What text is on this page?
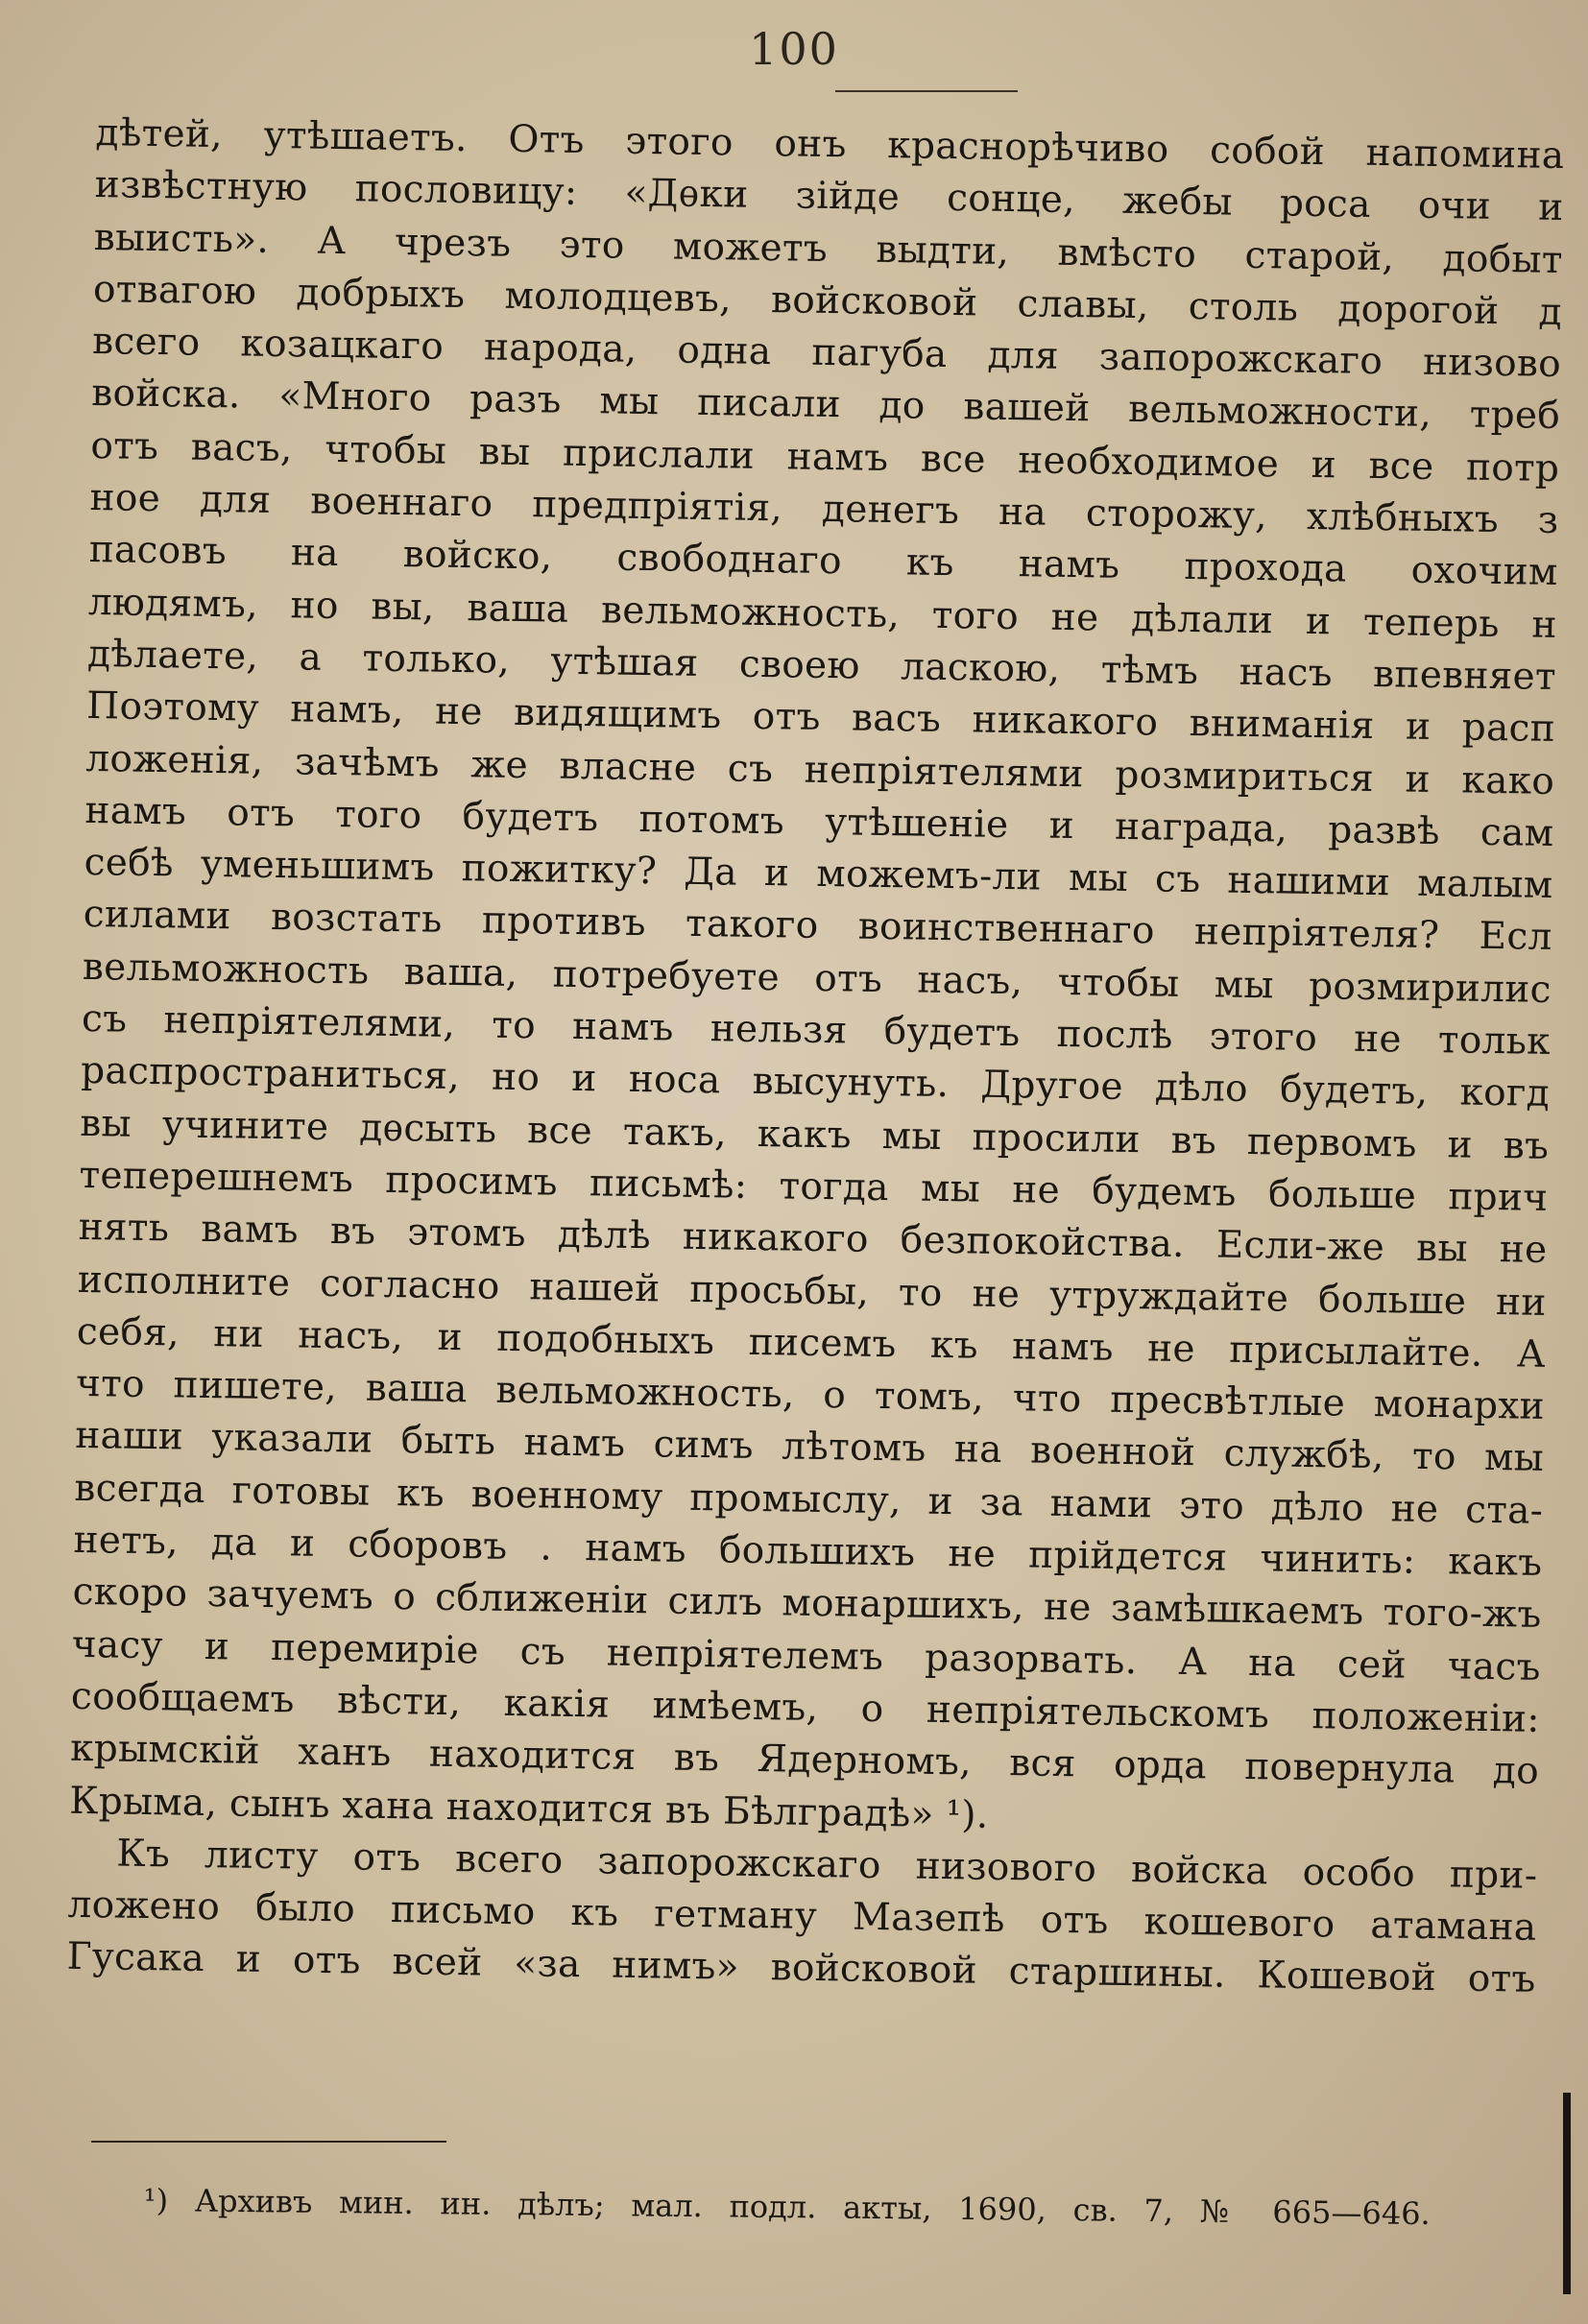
100
дѣтей, утѣшаетъ. Отъ этого онъ краснорѣчиво собой напомина
извѣстную пословицу: «Дѳки зійде сонце, жебы роса очи и
выисть». А чрезъ это можетъ выдти, вмѣсто старой, добыт
отвагою добрыхъ молодцевъ, войсковой славы, столь дорогой д
всего козацкаго народа, одна пагуба для запорожскаго низово
войска. «Много разъ мы писали до вашей вельможности, треб
отъ васъ, чтобы вы прислали намъ все необходимое и все потр
ное для военнаго предпріятія, денегъ на сторожу, хлѣбныхъ з
пасовъ на войско, свободнаго къ намъ прохода охочим
людямъ, но вы, ваша вельможность, того не дѣлали и теперь н
дѣлаете, а только, утѣшая своею ласкою, тѣмъ насъ впевняет
Поэтому намъ, не видящимъ отъ васъ никакого вниманія и расп
ложенія, зачѣмъ же власне съ непріятелями розмириться и како
намъ отъ того будетъ потомъ утѣшеніе и награда, развѣ сам
себѣ уменьшимъ пожитку? Да и можемъ-ли мы съ нашими малым
силами возстать противъ такого воинственнаго непріятеля? Есл
вельможность ваша, потребуете отъ насъ, чтобы мы розмирилис
съ непріятелями, то намъ нельзя будетъ послѣ этого не тольк
распространиться, но и носа высунуть. Другое дѣло будетъ, когд
вы учините дѳсыть все такъ, какъ мы просили въ первомъ и въ
теперешнемъ просимъ письмѣ: тогда мы не будемъ больше прич
нять вамъ въ этомъ дѣлѣ никакого безпокойства. Если-же вы не
исполните согласно нашей просьбы, то не утруждайте больше ни
себя, ни насъ, и подобныхъ писемъ къ намъ не присылайте. А
что пишете, ваша вельможность, о томъ, что пресвѣтлые монархи
наши указали быть намъ симъ лѣтомъ на военной службѣ, то мы
всегда готовы къ военному промыслу, и за нами это дѣло не ста-
нетъ, да и сборовъ . намъ большихъ не прійдется чинить: какъ
скоро зачуемъ о сближеніи силъ монаршихъ, не замѣшкаемъ того-жъ
часу и перемиріе съ непріятелемъ разорвать. А на сей часъ
сообщаемъ вѣсти, какія имѣемъ, о непріятельскомъ положеніи:
крымскій ханъ находится въ Ядерномъ, вся орда повернула до
Крыма, сынъ хана находится въ Бѣлградѣ» ¹).
Къ листу отъ всего запорожскаго низового войска особо при-
ложено было письмо къ гетману Мазепѣ отъ кошевого атамана
Гусака и отъ всей «за нимъ» войсковой старшины. Кошевой отъ
¹) Архивъ мин. ин. дѣлъ; мал. подл. акты, 1690, св. 7, № 665—646.
